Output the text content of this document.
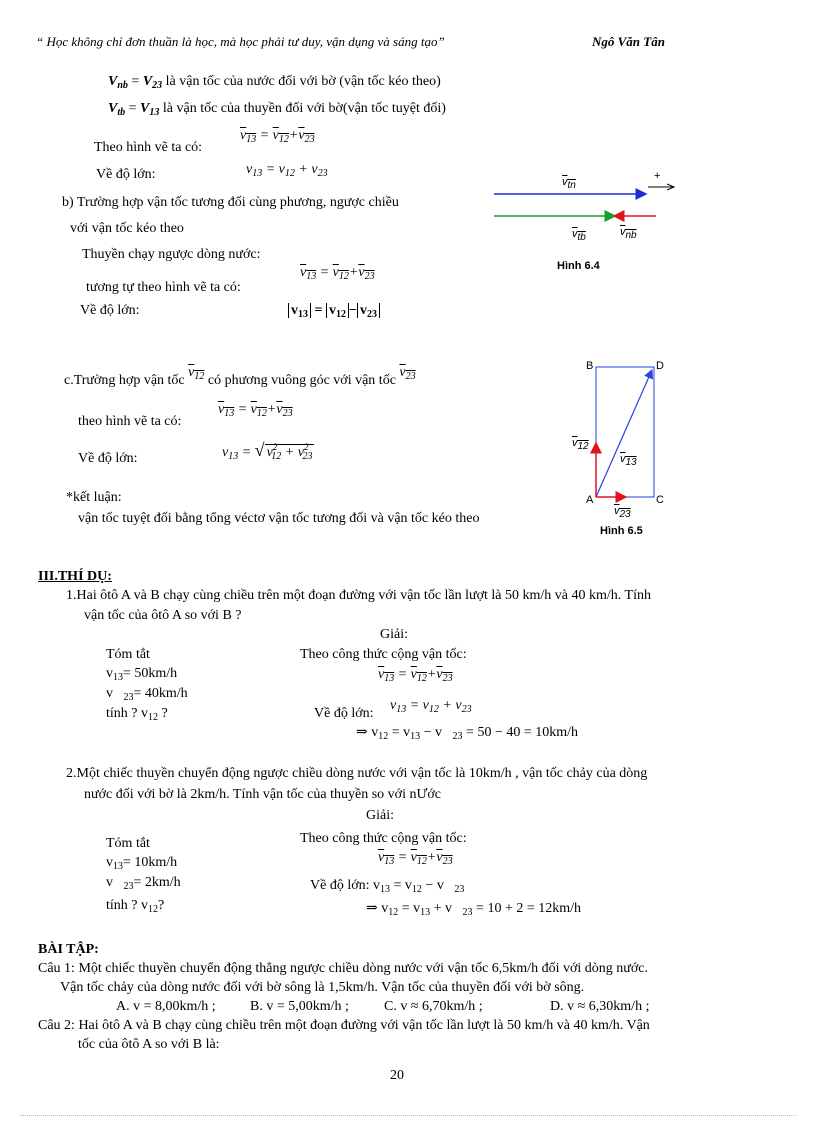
“ Học không chỉ đơn thuần là học, mà học phải tư duy, vận dụng và sáng tạo”	Ngô Văn Tân
$V_{nb} = V_{23}$ là vận tốc của nước đối với bờ (vận tốc kéo theo)
$V_{tb} = V_{13}$ là vận tốc của thuyền đối với bờ(vận tốc tuyệt đối)
Theo hình vẽ ta có:
$v_{13} = v_{12}+v_{23}$
Về độ lớn:	$v_{13} = v_{12} + v_{23}$
b) Trường hợp vận tốc tương đối cùng phương, ngược chiều
với vận tốc kéo theo
Thuyền chạy ngược dòng nước:
$v_{13} = v_{12}+v_{23}$
tương tự theo hình vẽ ta có:
Về độ lớn:	$v_{13} = v_{12} - v_{23}$
vtn
+
vtb	vnb
Hình 6.4
c.Trường hợp vận tốc $v_{12}$ có phương vuông góc với vận tốc $v_{23}$
$v_{13} = v_{12}+v_{23}$
theo hình vẽ ta có:
Về độ lớn:	$v_{13}$ = √ $v^2_{12} + v^2_{23}$
B	D
A	C
v12
v13
v23
Hình 6.5
*kết luận:
vận tốc tuyệt đối bằng tổng véctơ vận tốc tương đối và vận tốc kéo theo
III.THÍ DỤ:
1.Hai ôtô A và B chạy cùng chiều trên một đoạn đường với vận tốc lần lượt là 50 km/h và 40 km/h. Tính
vận tốc của ôtô A so với B ?
Giải:
Tóm tắt	Theo công thức cộng vận tốc:
$v_{13}= 50km/h$	$v_{13} = v_{12}+v_{23}$
v $_{23}$= 40km/h
tính ? $v_{12}$ ?	Về độ lớn:
$v_{13} = v_{12} + v_{23}$
⇒ $v_{12} = v_{13} - v$ $_{23}$ = 50 − 40 = 10km/h
2.Một chiếc thuyền chuyển động ngược chiều dòng nước với vận tốc là 10km/h , vận tốc chảy của dòng
nước đối với bờ là 2km/h. Tính vận tốc của thuyền so với nƯớc
Giải:
Theo công thức cộng vận tốc:
Tóm tắt
$v_{13} = v_{12}+v_{23}$
$v_{13}= 10km/h$
v $_{23}$= 2km/h	Về độ lớn: $v_{13} = v_{12} - v$ $_{23}$
tính ? $v_{12}$?	⇒ $v_{12} = v_{13} + v$ $_{23}$ = 10 + 2 = 12km/h
BÀI TẬP:
Câu 1: Một chiếc thuyền chuyển động thẳng ngược chiều dòng nước với vận tốc 6,5km/h đối với dòng nước.
Vận tốc chảy của dòng nước đối với bờ sông là 1,5km/h. Vận tốc của thuyền đối với bờ sông.
A. v = 8,00km/h ; B. v = 5,00km/h ;	C. v ≈ 6,70km/h ;	D. v ≈ 6,30km/h ;
Câu 2: Hai ôtô A và B chạy cùng chiều trên một đoạn đường với vận tốc lần lượt là 50 km/h và 40 km/h. Vận
tốc của ôtô A so với B là:
20
